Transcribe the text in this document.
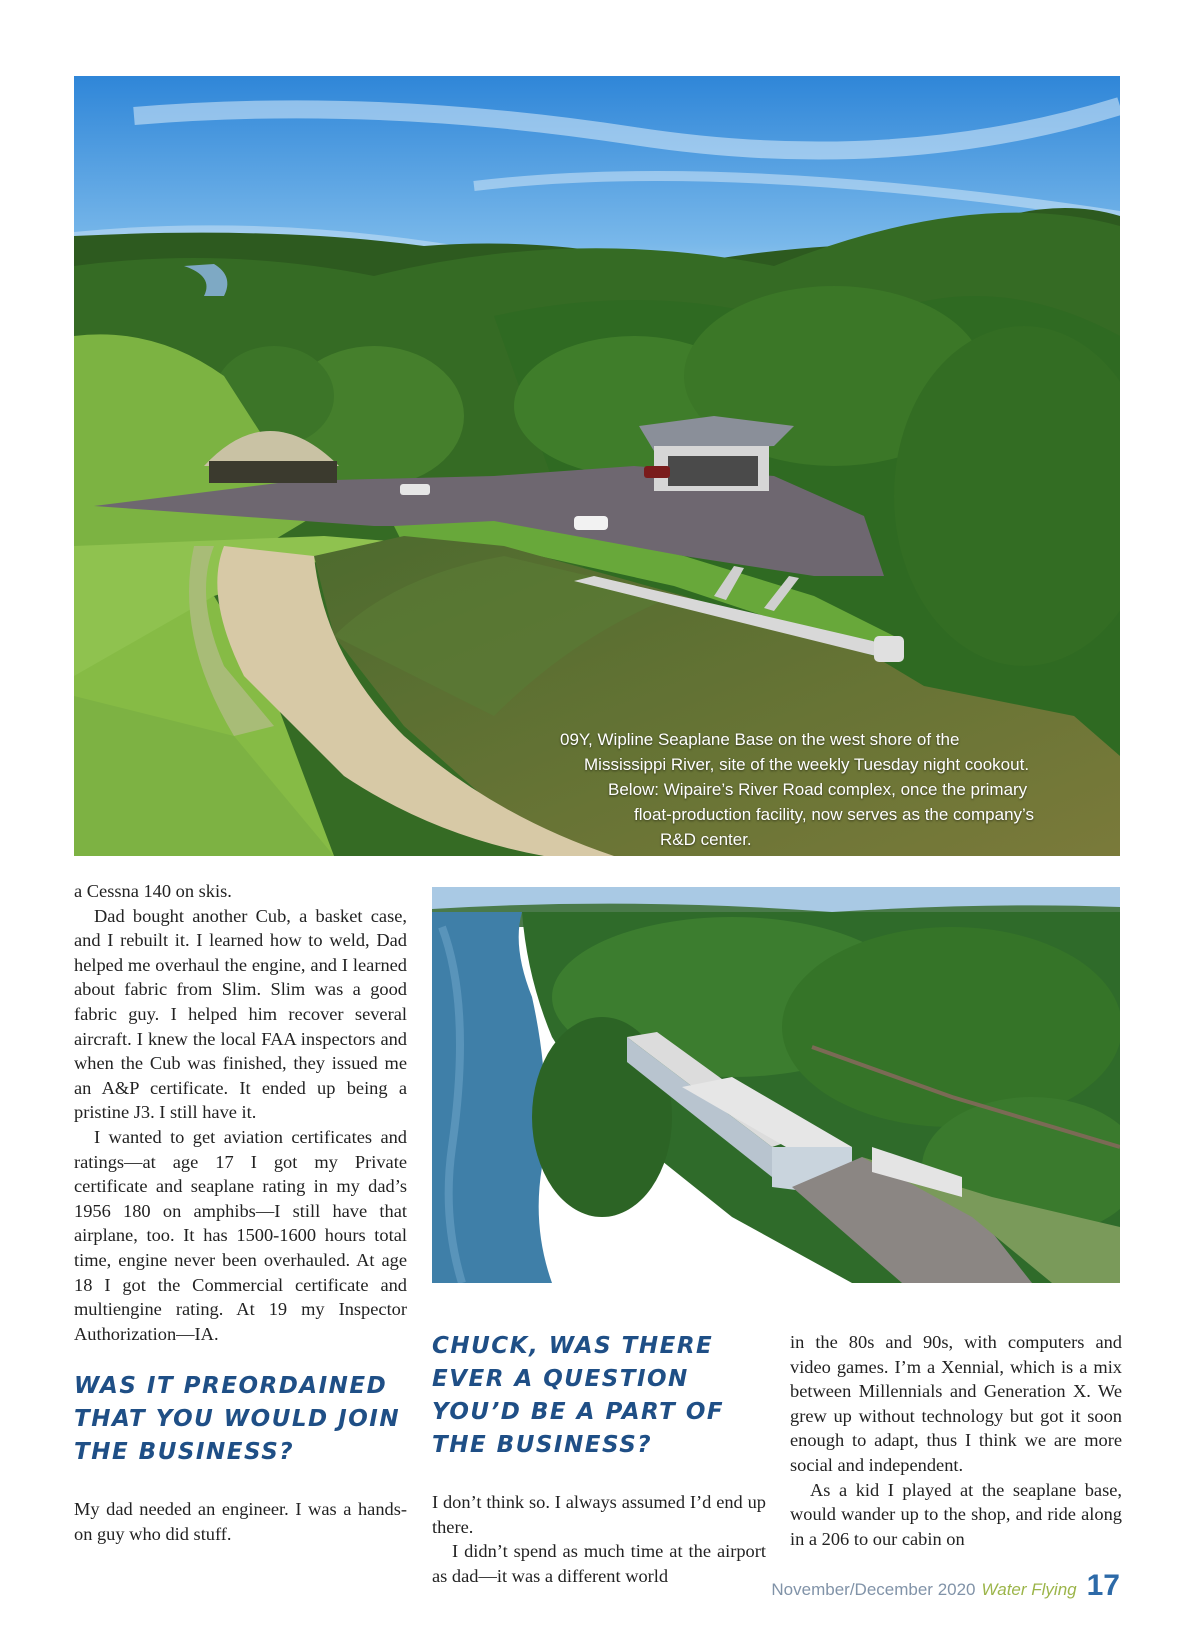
09Y, Wipline Seaplane Base on the west shore of the
Mississippi River, site of the weekly Tuesday night cookout.
Below: Wipaire’s River Road complex, once the primary
float-production facility, now serves as the company’s
R&D center.

a Cessna 140 on skis.

Dad bought another Cub, a basket case, and I rebuilt it. I learned how to weld, Dad helped me overhaul the engine, and I learned about fabric from Slim. Slim was a good fabric guy. I helped him recover several aircraft. I knew the local FAA inspectors and when the Cub was finished, they issued me an A&P certificate. It ended up being a pristine J3. I still have it.

I wanted to get aviation certificates and ratings—at age 17 I got my Private certificate and seaplane rating in my dad’s 1956 180 on amphibs—I still have that airplane, too. It has 1500-1600 hours total time, engine never been overhauled. At age 18 I got the Commercial certificate and multiengine rating. At 19 my Inspector Authorization—IA.

WAS IT PREORDAINED THAT YOU WOULD JOIN THE BUSINESS?

My dad needed an engineer. I was a hands-on guy who did stuff.

CHUCK, WAS THERE EVER A QUESTION YOU’D BE A PART OF THE BUSINESS?

I don’t think so. I always assumed I’d end up there.

I didn’t spend as much time at the airport as dad—it was a different world

in the 80s and 90s, with computers and video games. I’m a Xennial, which is a mix between Millennials and Generation X. We grew up without technology but got it soon enough to adapt, thus I think we are more social and independent.

As a kid I played at the seaplane base, would wander up to the shop, and ride along in a 206 to our cabin on

November/December 2020 Water Flying 17
